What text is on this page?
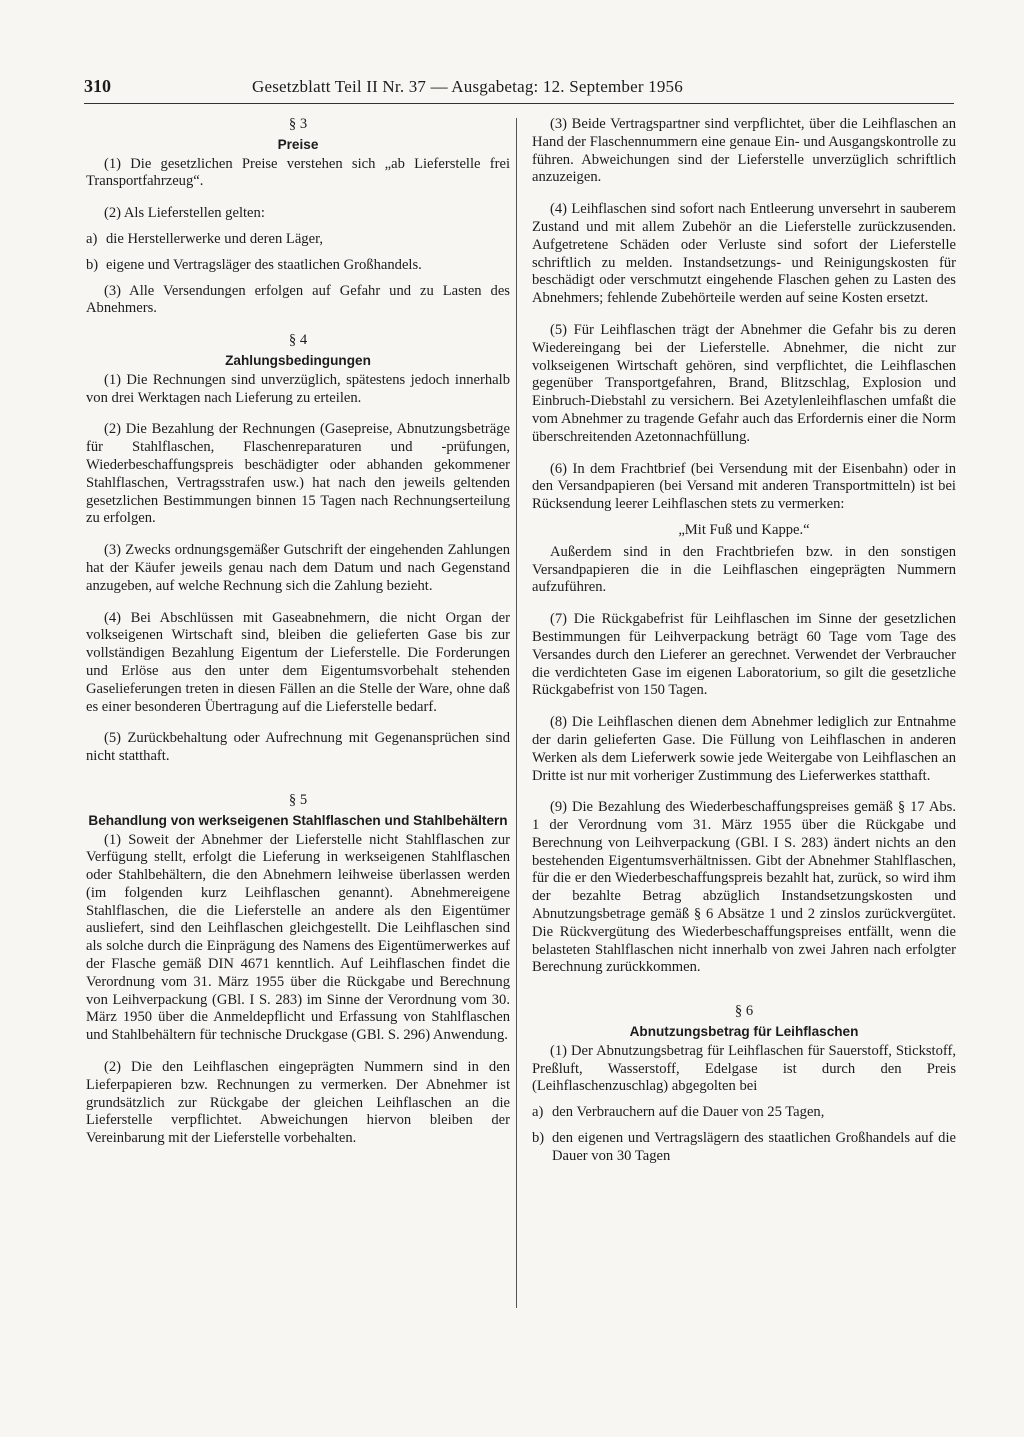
310	Gesetzblatt Teil II Nr. 37 — Ausgabetag: 12. September 1956
§ 3
Preise

(1) Die gesetzlichen Preise verstehen sich „ab Lieferstelle frei Transportfahrzeug“.

(2) Als Lieferstellen gelten:

a) die Herstellerwerke und deren Läger,

b) eigene und Vertragsläger des staatlichen Großhandels.

(3) Alle Versendungen erfolgen auf Gefahr und zu Lasten des Abnehmers.

§ 4
Zahlungsbedingungen

(1) Die Rechnungen sind unverzüglich, spätestens jedoch innerhalb von drei Werktagen nach Lieferung zu erteilen.

(2) Die Bezahlung der Rechnungen (Gasepreise, Abnutzungsbeträge für Stahlflaschen, Flaschenreparaturen und -prüfungen, Wiederbeschaffungspreis beschädigter oder abhanden gekommener Stahlflaschen, Vertragsstrafen usw.) hat nach den jeweils geltenden gesetzlichen Bestimmungen binnen 15 Tagen nach Rechnungserteilung zu erfolgen.

(3) Zwecks ordnungsgemäßer Gutschrift der eingehenden Zahlungen hat der Käufer jeweils genau nach dem Datum und nach Gegenstand anzugeben, auf welche Rechnung sich die Zahlung bezieht.

(4) Bei Abschlüssen mit Gaseabnehmern, die nicht Organ der volkseigenen Wirtschaft sind, bleiben die gelieferten Gase bis zur vollständigen Bezahlung Eigentum der Lieferstelle. Die Forderungen und Erlöse aus den unter dem Eigentumsvorbehalt stehenden Gaselieferungen treten in diesen Fällen an die Stelle der Ware, ohne daß es einer besonderen Übertragung auf die Lieferstelle bedarf.

(5) Zurückbehaltung oder Aufrechnung mit Gegenansprüchen sind nicht statthaft.

§ 5
Behandlung von werkseigenen Stahlflaschen und Stahlbehältern

(1) Soweit der Abnehmer der Lieferstelle nicht Stahlflaschen zur Verfügung stellt, erfolgt die Lieferung in werkseigenen Stahlflaschen oder Stahlbehältern, die den Abnehmern leihweise überlassen werden (im folgenden kurz Leihflaschen genannt). Abnehmereigene Stahlflaschen, die die Lieferstelle an andere als den Eigentümer ausliefert, sind den Leihflaschen gleichgestellt. Die Leihflaschen sind als solche durch die Einprägung des Namens des Eigentümerwerkes auf der Flasche gemäß DIN 4671 kenntlich. Auf Leihflaschen findet die Verordnung vom 31. März 1955 über die Rückgabe und Berechnung von Leihverpackung (GBl. I S. 283) im Sinne der Verordnung vom 30. März 1950 über die Anmeldepflicht und Erfassung von Stahlflaschen und Stahlbehältern für technische Druckgase (GBl. S. 296) Anwendung.

(2) Die den Leihflaschen eingeprägten Nummern sind in den Lieferpapieren bzw. Rechnungen zu vermerken. Der Abnehmer ist grundsätzlich zur Rückgabe der gleichen Leihflaschen an die Lieferstelle verpflichtet. Abweichungen hiervon bleiben der Vereinbarung mit der Lieferstelle vorbehalten.

(3) Beide Vertragspartner sind verpflichtet, über die Leihflaschen an Hand der Flaschennummern eine genaue Ein- und Ausgangskontrolle zu führen. Abweichungen sind der Lieferstelle unverzüglich schriftlich anzuzeigen.

(4) Leihflaschen sind sofort nach Entleerung unversehrt in sauberem Zustand und mit allem Zubehör an die Lieferstelle zurückzusenden. Aufgetretene Schäden oder Verluste sind sofort der Lieferstelle schriftlich zu melden. Instandsetzungs- und Reinigungskosten für beschädigt oder verschmutzt eingehende Flaschen gehen zu Lasten des Abnehmers; fehlende Zubehörteile werden auf seine Kosten ersetzt.

(5) Für Leihflaschen trägt der Abnehmer die Gefahr bis zu deren Wiedereingang bei der Lieferstelle. Abnehmer, die nicht zur volkseigenen Wirtschaft gehören, sind verpflichtet, die Leihflaschen gegenüber Transportgefahren, Brand, Blitzschlag, Explosion und Einbruch-Diebstahl zu versichern. Bei Azetylenleihflaschen umfaßt die vom Abnehmer zu tragende Gefahr auch das Erfordernis einer die Norm überschreitenden Azetonnachfüllung.

(6) In dem Frachtbrief (bei Versendung mit der Eisenbahn) oder in den Versandpapieren (bei Versand mit anderen Transportmitteln) ist bei Rücksendung leerer Leihflaschen stets zu vermerken:

„Mit Fuß und Kappe.“

Außerdem sind in den Frachtbriefen bzw. in den sonstigen Versandpapieren die in die Leihflaschen eingeprägten Nummern aufzuführen.

(7) Die Rückgabefrist für Leihflaschen im Sinne der gesetzlichen Bestimmungen für Leihverpackung beträgt 60 Tage vom Tage des Versandes durch den Lieferer an gerechnet. Verwendet der Verbraucher die verdichteten Gase im eigenen Laboratorium, so gilt die gesetzliche Rückgabefrist von 150 Tagen.

(8) Die Leihflaschen dienen dem Abnehmer lediglich zur Entnahme der darin gelieferten Gase. Die Füllung von Leihflaschen in anderen Werken als dem Lieferwerk sowie jede Weitergabe von Leihflaschen an Dritte ist nur mit vorheriger Zustimmung des Lieferwerkes statthaft.

(9) Die Bezahlung des Wiederbeschaffungspreises gemäß § 17 Abs. 1 der Verordnung vom 31. März 1955 über die Rückgabe und Berechnung von Leihverpackung (GBl. I S. 283) ändert nichts an den bestehenden Eigentumsverhältnissen. Gibt der Abnehmer Stahlflaschen, für die er den Wiederbeschaffungspreis bezahlt hat, zurück, so wird ihm der bezahlte Betrag abzüglich Instandsetzungskosten und Abnutzungsbetrage gemäß § 6 Absätze 1 und 2 zinslos zurückvergütet. Die Rückvergütung des Wiederbeschaffungspreises entfällt, wenn die belasteten Stahlflaschen nicht innerhalb von zwei Jahren nach erfolgter Berechnung zurückkommen.

§ 6
Abnutzungsbetrag für Leihflaschen

(1) Der Abnutzungsbetrag für Leihflaschen für Sauerstoff, Stickstoff, Preßluft, Wasserstoff, Edelgase ist durch den Preis (Leihflaschenzuschlag) abgegolten bei

a) den Verbrauchern auf die Dauer von 25 Tagen,

b) den eigenen und Vertragslägern des staatlichen Großhandels auf die Dauer von 30 Tagen
